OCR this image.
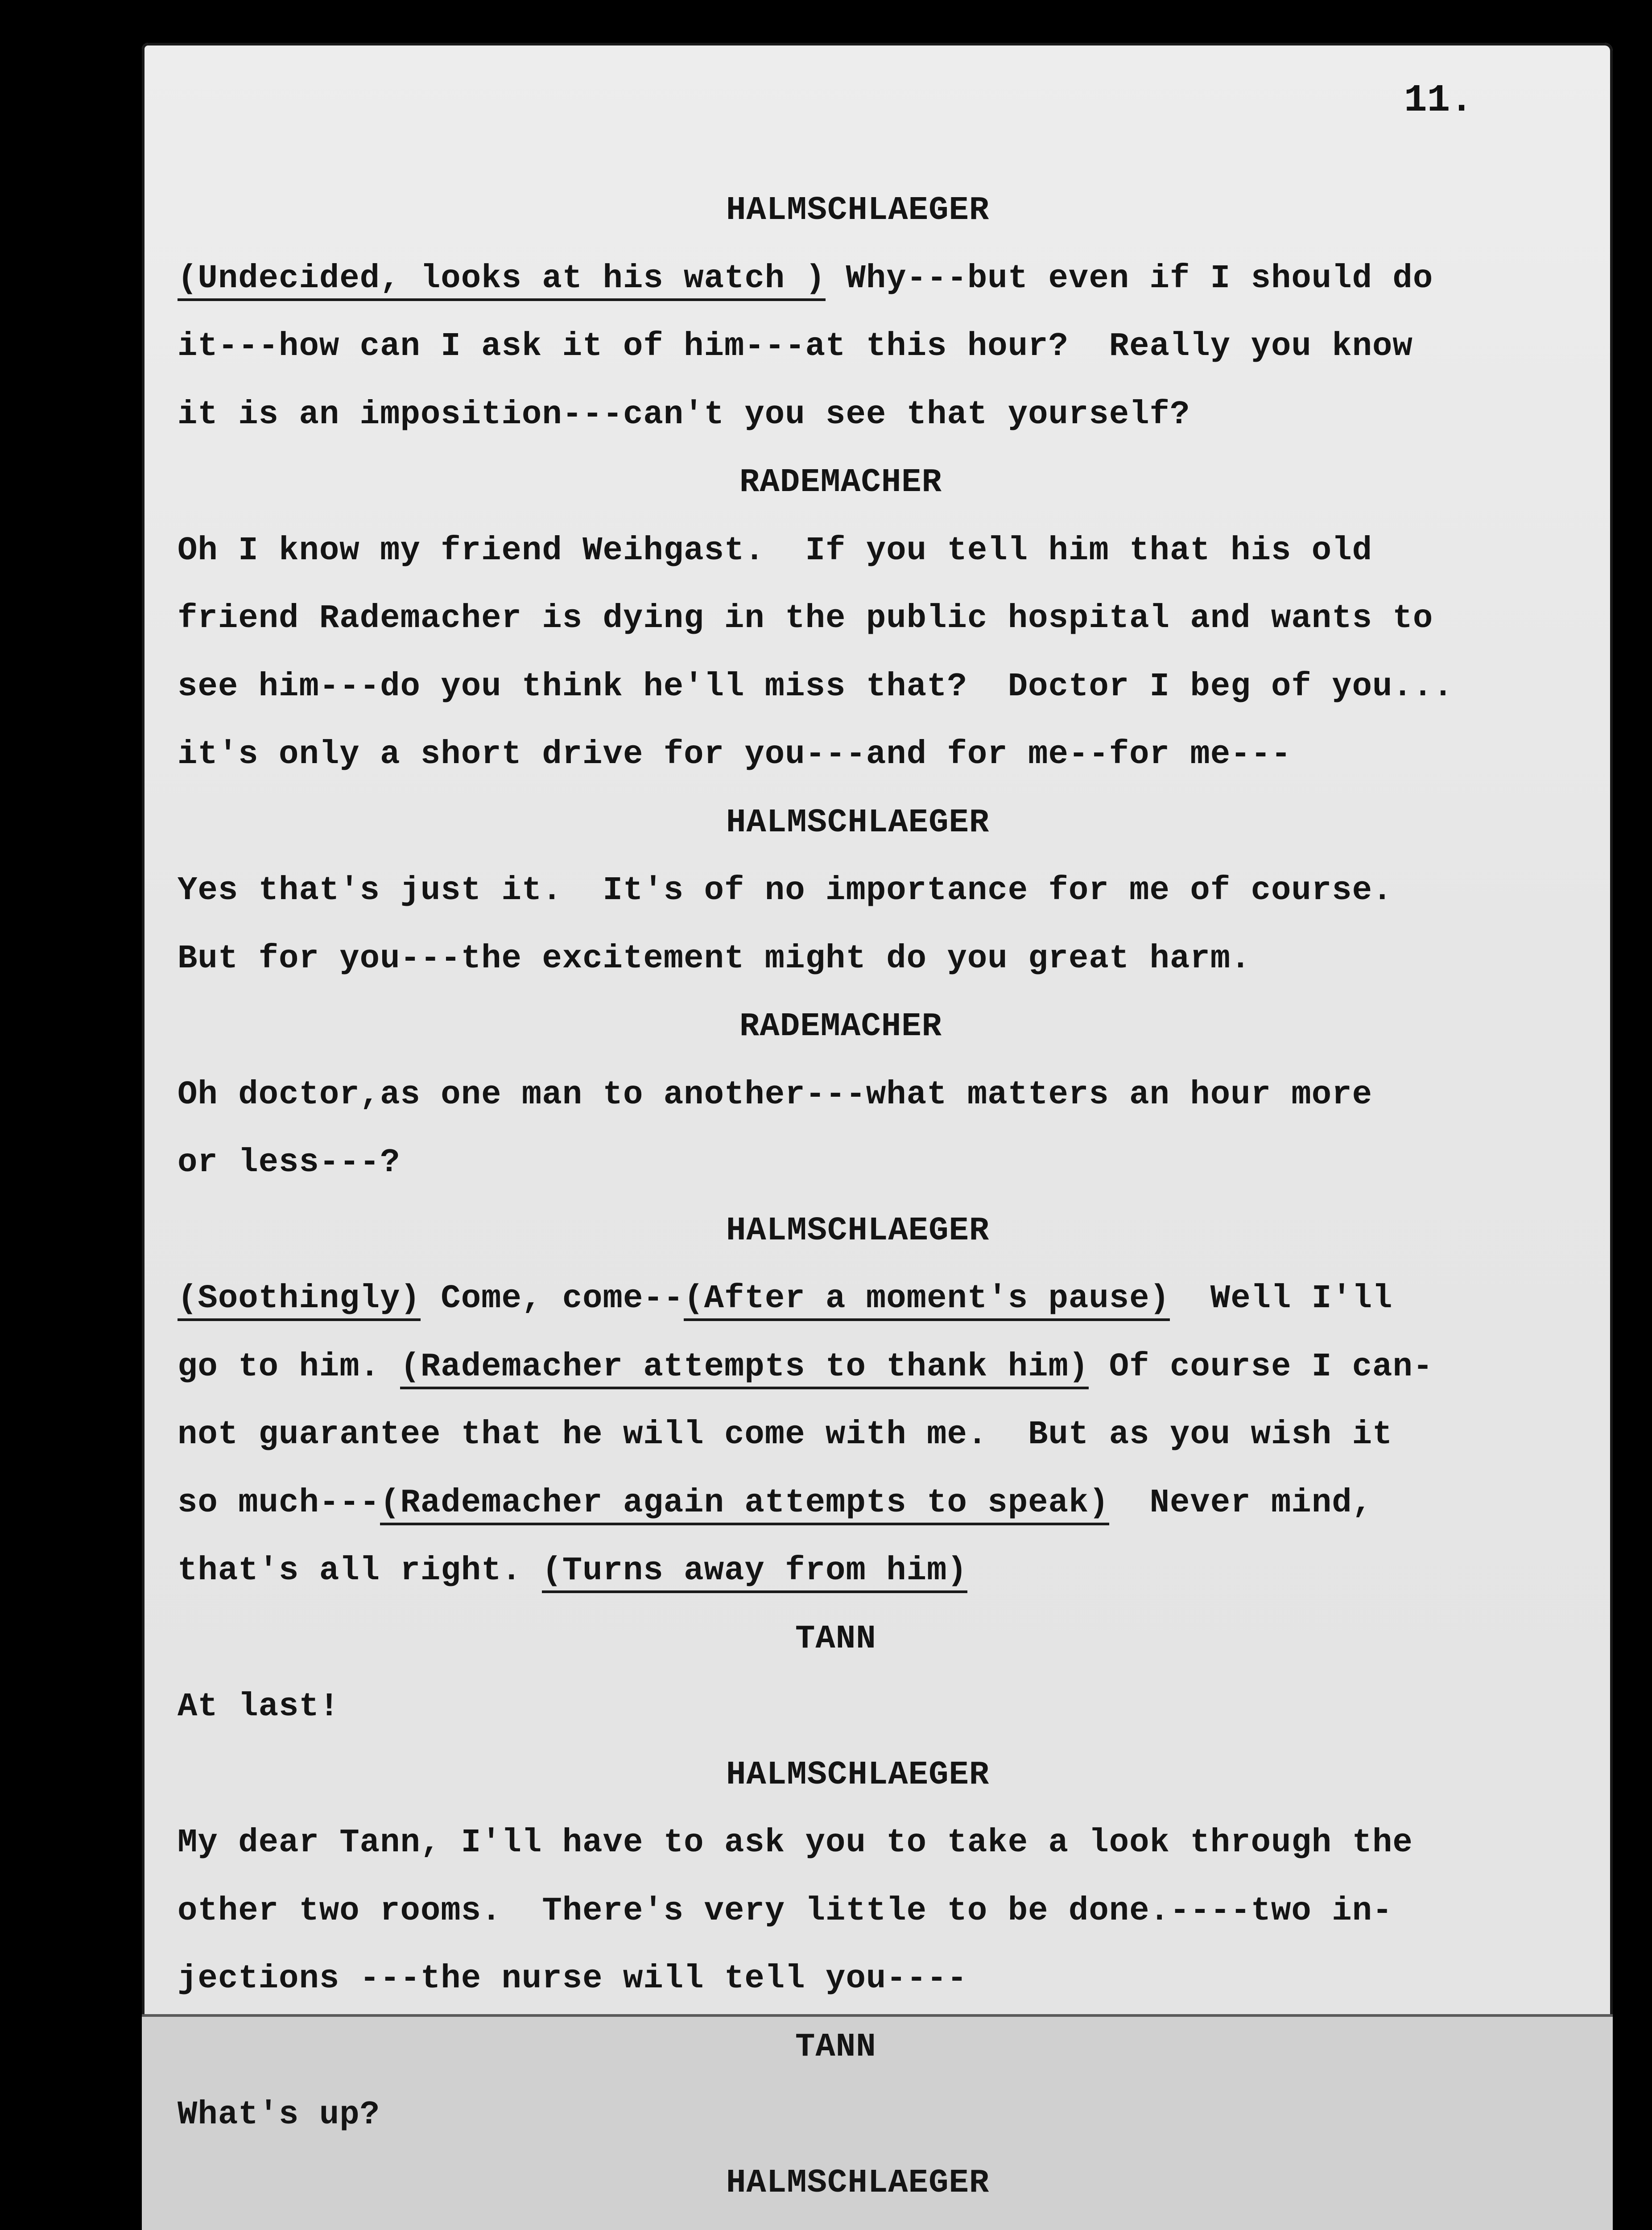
11.
HALMSCHLAEGER
(Undecided, looks at his watch ) Why---but even if I should do
it---how can I ask it of him---at this hour?  Really you know
it is an imposition---can't you see that yourself?
RADEMACHER
Oh I know my friend Weihgast.  If you tell him that his old
friend Rademacher is dying in the public hospital and wants to
see him---do you think he'll miss that?  Doctor I beg of you...
it's only a short drive for you---and for me--for me---
HALMSCHLAEGER
Yes that's just it.  It's of no importance for me of course.
But for you---the excitement might do you great harm.
RADEMACHER
Oh doctor,as one man to another---what matters an hour more
or less---?
HALMSCHLAEGER
(Soothingly) Come, come--(After a moment's pause)  Well I'll
go to him. (Rademacher attempts to thank him) Of course I can-
not guarantee that he will come with me.  But as you wish it
so much---(Rademacher again attempts to speak)  Never mind,
that's all right. (Turns away from him)
TANN
At last!
HALMSCHLAEGER
My dear Tann, I'll have to ask you to take a look through the
other two rooms.  There's very little to be done.----two in-
jections ---the nurse will tell you----
TANN
What's up?
HALMSCHLAEGER
